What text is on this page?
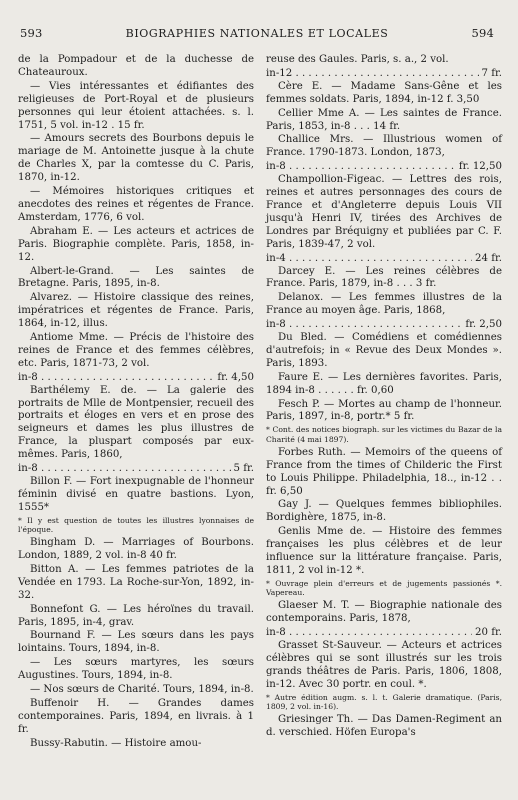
593	BIOGRAPHIES NATIONALES ET LOCALES	594
de la Pompadour et de la duchesse de Chateauroux.
— Vies intéressantes et édifiantes des religieuses de Port-Royal et de plusieurs personnes qui leur étoient attachées. s. l. 1751, 5 vol. in-12 . 15 fr.
— Amours secrets des Bourbons depuis le mariage de M. Antoinette jusque à la chute de Charles X, par la comtesse du C. Paris, 1870, in-12.
— Mémoires historiques critiques et anecdotes des reines et régentes de France. Amsterdam, 1776, 6 vol.
Abraham E. — Les acteurs et actrices de Paris. Biographie complète. Paris, 1858, in-12.
Albert-le-Grand. — Les saintes de Bretagne. Paris, 1895, in-8.
Alvarez. — Histoire classique des reines, impératrices et régentes de France. Paris, 1864, in-12, illus.
Antiome Mme. — Précis de l'histoire des reines de France et des femmes célèbres, etc. Paris, 1871-73, 2 vol.
in-8 . . .	fr. 4,50
Barthélemy E. de. — La galerie des portraits de Mlle de Montpensier, recueil des portraits et éloges en vers et en prose des seigneurs et dames les plus illustres de France, la pluspart composés par eux-mêmes. Paris, 1860,
in-8 . . .	5 fr.
Billon F. — Fort inexpugnable de l'honneur féminin divisé en quatre bastions. Lyon, 1555*
* Il y est question de toutes les illustres lyonnaises de l'époque.
Bingham D. — Marriages of Bourbons. London, 1889, 2 vol. in-8 40 fr.
Bitton A. — Les femmes patriotes de la Vendée en 1793. La Roche-sur-Yon, 1892, in-32.
Bonnefont G. — Les héroïnes du travail. Paris, 1895, in-4, grav.
Bournand F. — Les sœurs dans les pays lointains. Tours, 1894, in-8.
— Les sœurs martyres, les sœurs Augustines. Tours, 1894, in-8.
— Nos sœurs de Charité. Tours, 1894, in-8.
Buffenoir H. — Grandes dames contemporaines. Paris, 1894, en livrais. à 1 fr.
Bussy-Rabutin. — Histoire amou-
reuse des Gaules. Paris, s. a., 2 vol.
in-12 . . .	7 fr.
Cère E. — Madame Sans-Gêne et les femmes soldats. Paris, 1894, in-12 f. 3,50
Cellier Mme A. — Les saintes de France. Paris, 1853, in-8 . . . 14 fr.
Challice Mrs. — Illustrious women of France. 1790-1873. London, 1873,
in-8 . . .	fr. 12,50
Champollion-Figeac. — Lettres des rois, reines et autres personnages des cours de France et d'Angleterre depuis Louis VII jusqu'à Henri IV, tirées des Archives de Londres par Bréquigny et publiées par C. F. Paris, 1839-47, 2 vol.
in-4 . . .	24 fr.
Darcey E. — Les reines célèbres de France. Paris, 1879, in-8 . . . 3 fr.
Delanox. — Les femmes illustres de la France au moyen âge. Paris, 1868,
in-8 . . .	fr. 2,50
Du Bled. — Comédiens et comédiennes d'autrefois; in « Revue des Deux Mondes ». Paris, 1893.
Faure E. — Les dernières favorites. Paris, 1894 in-8 . . . . . . fr. 0,60
Fesch P. — Mortes au champ de l'honneur. Paris, 1897, in-8, portr.* 5 fr.
* Cont. des notices biograph. sur les victimes du Bazar de la Charité (4 mai 1897).
Forbes Ruth. — Memoirs of the queens of France from the times of Childeric the First to Louis Philippe. Philadelphia, 18.., in-12 . . fr. 6,50
Gay J. — Quelques femmes bibliophiles. Bordighère, 1875, in-8.
Genlis Mme de. — Histoire des femmes françaises les plus célèbres et de leur influence sur la littérature française. Paris, 1811, 2 vol in-12 *.
* Ouvrage plein d'erreurs et de jugements passionés *. Vapereau.
Glaeser M. T. — Biographie nationale des contemporains. Paris, 1878,
in-8 . . .	20 fr.
Grasset St-Sauveur. — Acteurs et actrices célèbres qui se sont illustrés sur les trois grands théâtres de Paris. Paris, 1806, 1808, in-12. Avec 30 portr. en coul. *.
* Autre édition augm. s. l. t. Galerie dramatique. (Paris, 1809, 2 vol. in-16).
Griesinger Th. — Das Damen-Regiment an d. verschied. Höfen Europa's
